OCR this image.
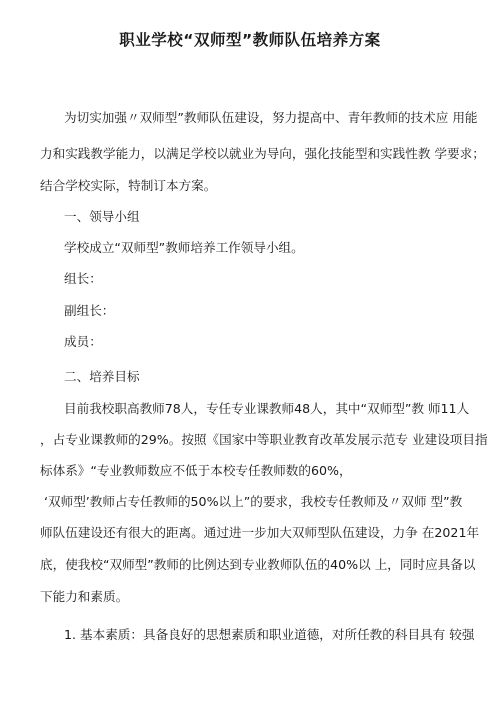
职业学校“双师型”教师队伍培养方案

为切实加强〃双师型”教师队伍建设，努力提高中、青年教师的技术应 用能

力和实践教学能力，以满足学校以就业为导向，强化技能型和实践性教 学要求；

结合学校实际，特制订本方案。

一、领导小组

学校成立“双师型”教师培养工作领导小组。

组长：

副组长：

成员：

二、培养目标

目前我校职高教师78人，专任专业课教师48人，其中“双师型”教 师11人

，占专业课教师的29%。按照《国家中等职业教育改革发展示范专 业建设项目指

标体系》“专业教师数应不低于本校专任教师数的60%，

‘双师型’教师占专任教师的50%以上”的要求，我校专任教师及〃双师 型”教

师队伍建设还有很大的距离。通过进一步加大双师型队伍建设，力争 在2021年

底，使我校“双师型”教师的比例达到专业教师队伍的40%以 上，同时应具备以

下能力和素质。

1. 基本素质：具备良好的思想素质和职业道德，对所任教的科目具有 较强
